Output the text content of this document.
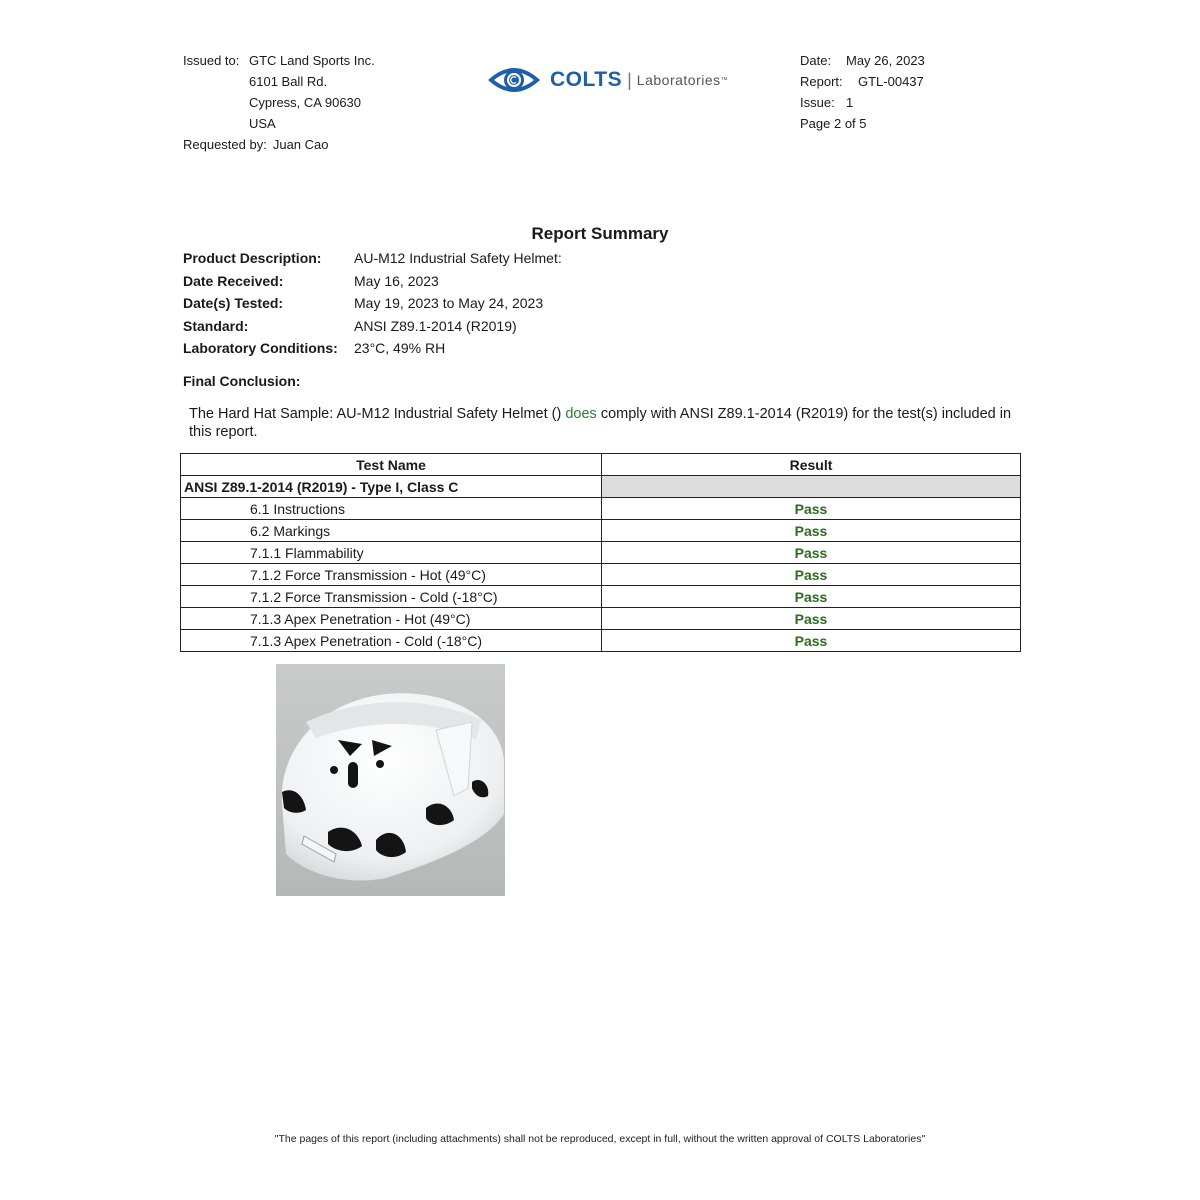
Issued to: GTC Land Sports Inc.
6101 Ball Rd.
Cypress, CA 90630
USA
Requested by: Juan Cao
COLTS | Laboratories ™
Date:	May 26, 2023
Report:	GTL-00437
Issue: 1
Page 2 of 5
Report Summary
Product Description:	AU-M12 Industrial Safety Helmet:
Date Received:	May 16, 2023
Date(s) Tested:	May 19, 2023 to May 24, 2023
Standard:	ANSI Z89.1-2014 (R2019)
Laboratory Conditions:	23°C, 49% RH
Final Conclusion:
The Hard Hat Sample: AU-M12 Industrial Safety Helmet () does comply with ANSI Z89.1-2014 (R2019) for the test(s) included in this report.
Test Name	Result
ANSI Z89.1-2014 (R2019) - Type I, Class C	
6.1 Instructions	Pass
6.2 Markings	Pass
7.1.1 Flammability	Pass
7.1.2 Force Transmission - Hot (49°C)	Pass
7.1.2 Force Transmission - Cold (-18°C)	Pass
7.1.3 Apex Penetration - Hot (49°C)	Pass
7.1.3 Apex Penetration - Cold (-18°C)	Pass
"The pages of this report (including attachments) shall not be reproduced, except in full, without the written approval of COLTS Laboratories"
